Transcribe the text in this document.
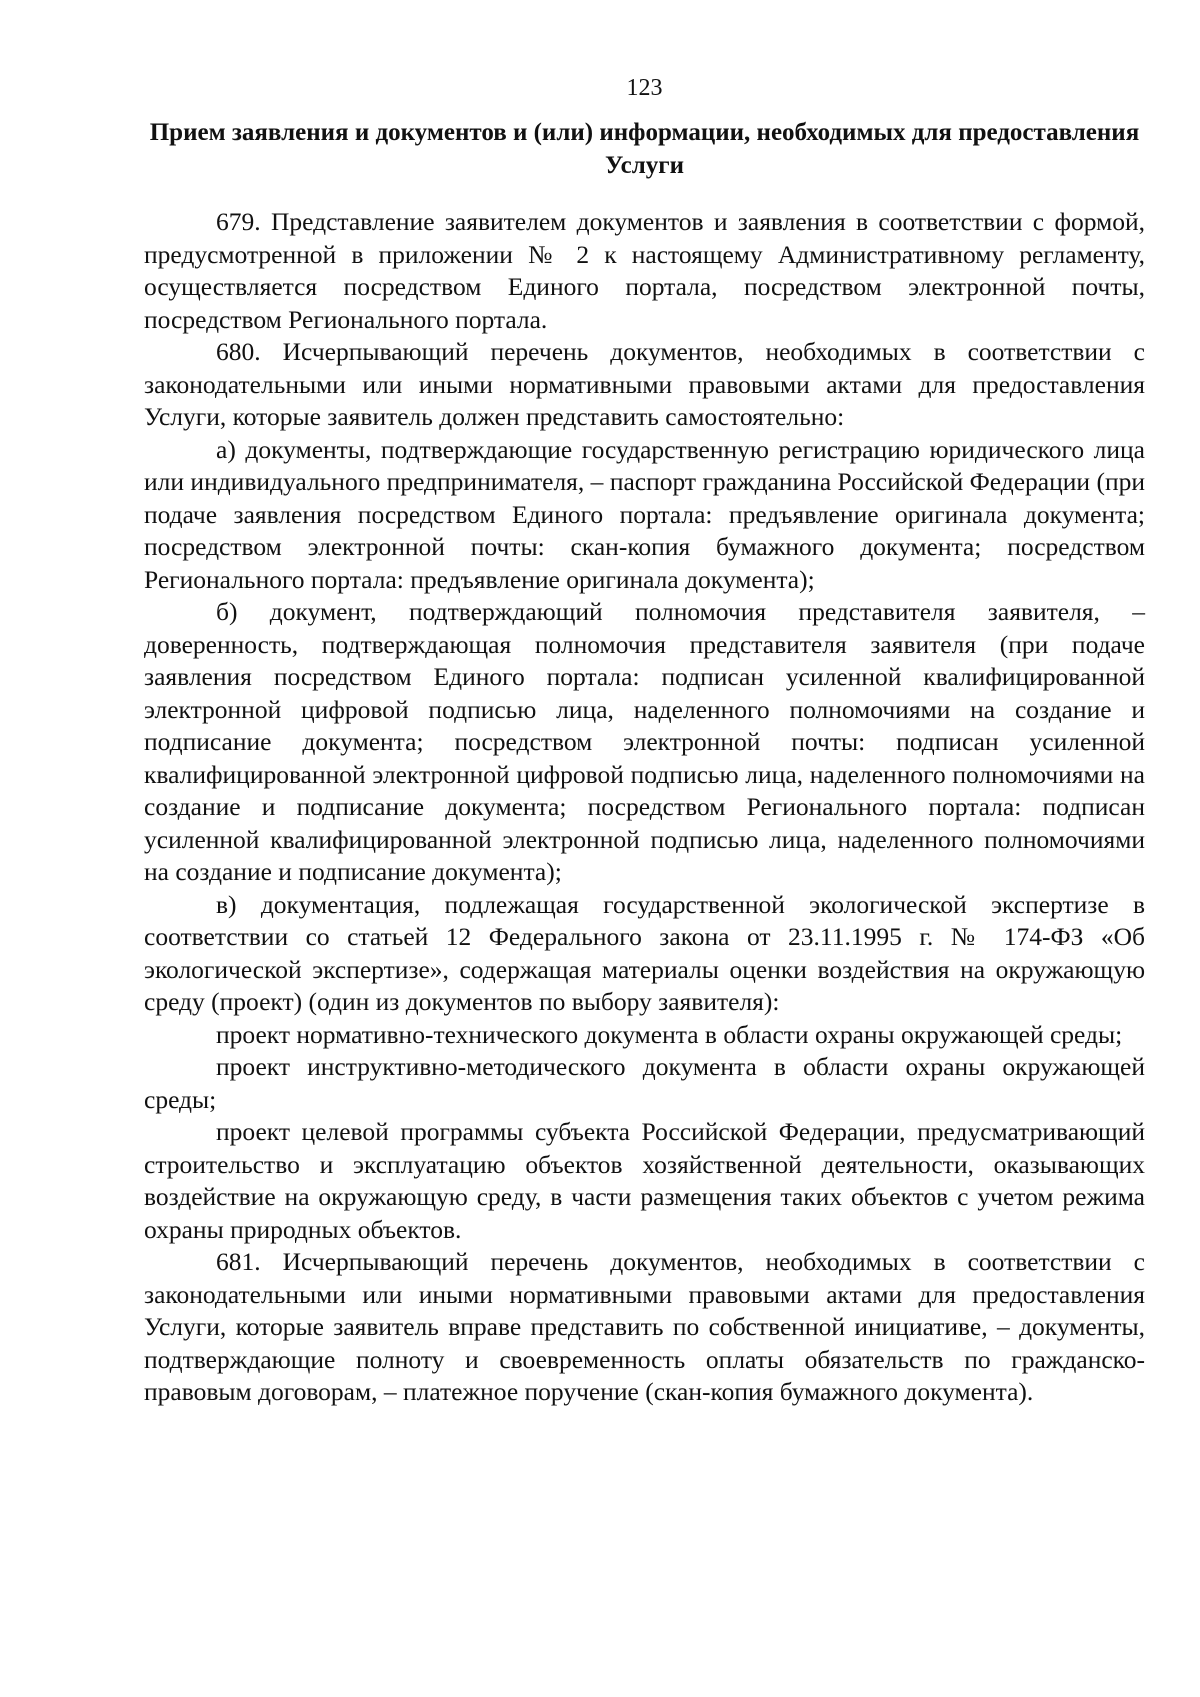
123
Прием заявления и документов и (или) информации, необходимых для предоставления Услуги

679. Представление заявителем документов и заявления в соответствии с формой, предусмотренной в приложении № 2 к настоящему Административному регламенту, осуществляется посредством Единого портала, посредством электронной почты, посредством Регионального портала.

680. Исчерпывающий перечень документов, необходимых в соответствии с законодательными или иными нормативными правовыми актами для предоставления Услуги, которые заявитель должен представить самостоятельно:

а) документы, подтверждающие государственную регистрацию юридического лица или индивидуального предпринимателя, – паспорт гражданина Российской Федерации (при подаче заявления посредством Единого портала: предъявление оригинала документа; посредством электронной почты: скан-копия бумажного документа; посредством Регионального портала: предъявление оригинала документа);

б) документ, подтверждающий полномочия представителя заявителя, – доверенность, подтверждающая полномочия представителя заявителя (при подаче заявления посредством Единого портала: подписан усиленной квалифицированной электронной цифровой подписью лица, наделенного полномочиями на создание и подписание документа; посредством электронной почты: подписан усиленной квалифицированной электронной цифровой подписью лица, наделенного полномочиями на создание и подписание документа; посредством Регионального портала: подписан усиленной квалифицированной электронной подписью лица, наделенного полномочиями на создание и подписание документа);

в) документация, подлежащая государственной экологической экспертизе в соответствии со статьей 12 Федерального закона от 23.11.1995 г. № 174-ФЗ «Об экологической экспертизе», содержащая материалы оценки воздействия на окружающую среду (проект) (один из документов по выбору заявителя):

проект нормативно-технического документа в области охраны окружающей среды;

проект инструктивно-методического документа в области охраны окружающей среды;

проект целевой программы субъекта Российской Федерации, предусматривающий строительство и эксплуатацию объектов хозяйственной деятельности, оказывающих воздействие на окружающую среду, в части размещения таких объектов с учетом режима охраны природных объектов.

681. Исчерпывающий перечень документов, необходимых в соответствии с законодательными или иными нормативными правовыми актами для предоставления Услуги, которые заявитель вправе представить по собственной инициативе, – документы, подтверждающие полноту и своевременность оплаты обязательств по гражданско-правовым договорам, – платежное поручение (скан-копия бумажного документа).
